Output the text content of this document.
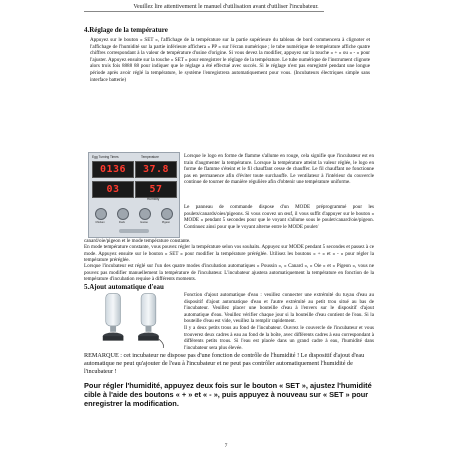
Veuillez lire attentivement le manuel d'utilisation avant d'utiliser l'incubateur.
4.Réglage de la température

Appuyez sur le bouton « SET », l'affichage de la température sur la partie supérieure du tableau de bord commencera à clignoter et l'affichage de l'humidité sur la partie inférieure affichera « PP » sur l'écran numérique ; le tube numérique de température affiche quatre chiffres correspondant à la valeur de température d'usine d'origine. Si vous devez la modifier, appuyez sur la touche « + » ou « - » pour l'ajuster. Appuyez ensuite sur la touche « SET » pour enregistrer le réglage de la température. Le tube numérique de l'instrument clignote alors trois fois 8888 88 pour indiquer que le réglage a été effectué avec succès. Si le réglage n'est pas enregistré pendant une longue période après avoir réglé la température, le système l'enregistrera automatiquement pour vous. (Incubateurs électriques simple sans interface batterie)

Egg Turning Times	Temperature
0136	37.8
03	57
Humidity
Chicken	Duck	Goose	Pigeon

Lorsque le logo en forme de flamme s'allume en rouge, cela signifie que l'incubateur est en train d'augmenter la température. Lorsque la température atteint la valeur réglée, le logo en forme de flamme s'éteint et le fil chauffant cesse de chauffer. Le fil chauffant ne fonctionne pas en permanence afin d'éviter toute surchauffe. Le ventilateur à l'intérieur du couvercle continue de tourner de manière régulière afin d'obtenir une température uniforme.

Le panneau de commande dispose d'un MODE préprogrammé pour les poulets/canards/oies/pigeons. Si vous couvez un œuf, il vous suffit d'appuyer sur le bouton « MODE » pendant 5 secondes pour que le voyant s'allume sous le poulet/canard/oie/pigeon. Continuez ainsi pour que le voyant alterne entre le MODE poulet/

canard/oie/pigeon et le mode température constante.

En mode température constante, vous pouvez régler la température selon vos souhaits. Appuyez sur MODE pendant 5 secondes et passez à ce mode. Appuyez ensuite sur le bouton « SET » pour modifier la température préréglée. Utilisez les boutons « + » et « - » pour régler la température préréglée.

Lorsque l'incubateur est réglé sur l'un des quatre modes d'incubation automatiques « Poussin », « Canard », « Oie » et « Pigeon », vous ne pouvez pas modifier manuellement la température de l'incubateur. L'incubateur ajustera automatiquement la température en fonction de la température d'incubation requise à différents moments.

5.Ajout automatique d'eau

Fonction d'ajout automatique d'eau : veuillez connecter une extrémité du tuyau d'eau au dispositif d'ajout automatique d'eau et l'autre extrémité au petit trou situé au bas de l'incubateur. Veuillez placer une bouteille d'eau à l'envers sur le dispositif d'ajout automatique d'eau. Veuillez vérifier chaque jour si la bouteille d'eau contient de l'eau. Si la bouteille d'eau est vide, veuillez la remplir rapidement.

Il y a deux petits trous au fond de l'incubateur. Ouvrez le couvercle de l'incubateur et vous trouverez deux cadres à eau au fond de la boîte, avec différents cadres à eau correspondant à différents petits trous. Si l'eau est placée dans un grand cadre à eau, l'humidité dans l'incubateur sera plus élevée.

REMARQUE : cet incubateur ne dispose pas d'une fonction de contrôle de l'humidité ! Le dispositif d'ajout d'eau automatique ne peut qu'ajouter de l'eau à l'incubateur et ne peut pas contrôler automatiquement l'humidité de l'incubateur !

Pour régler l'humidité, appuyez deux fois sur le bouton « SET », ajustez l'humidité cible à l'aide des boutons « + » et « - », puis appuyez à nouveau sur « SET » pour enregistrer la modification.

7
